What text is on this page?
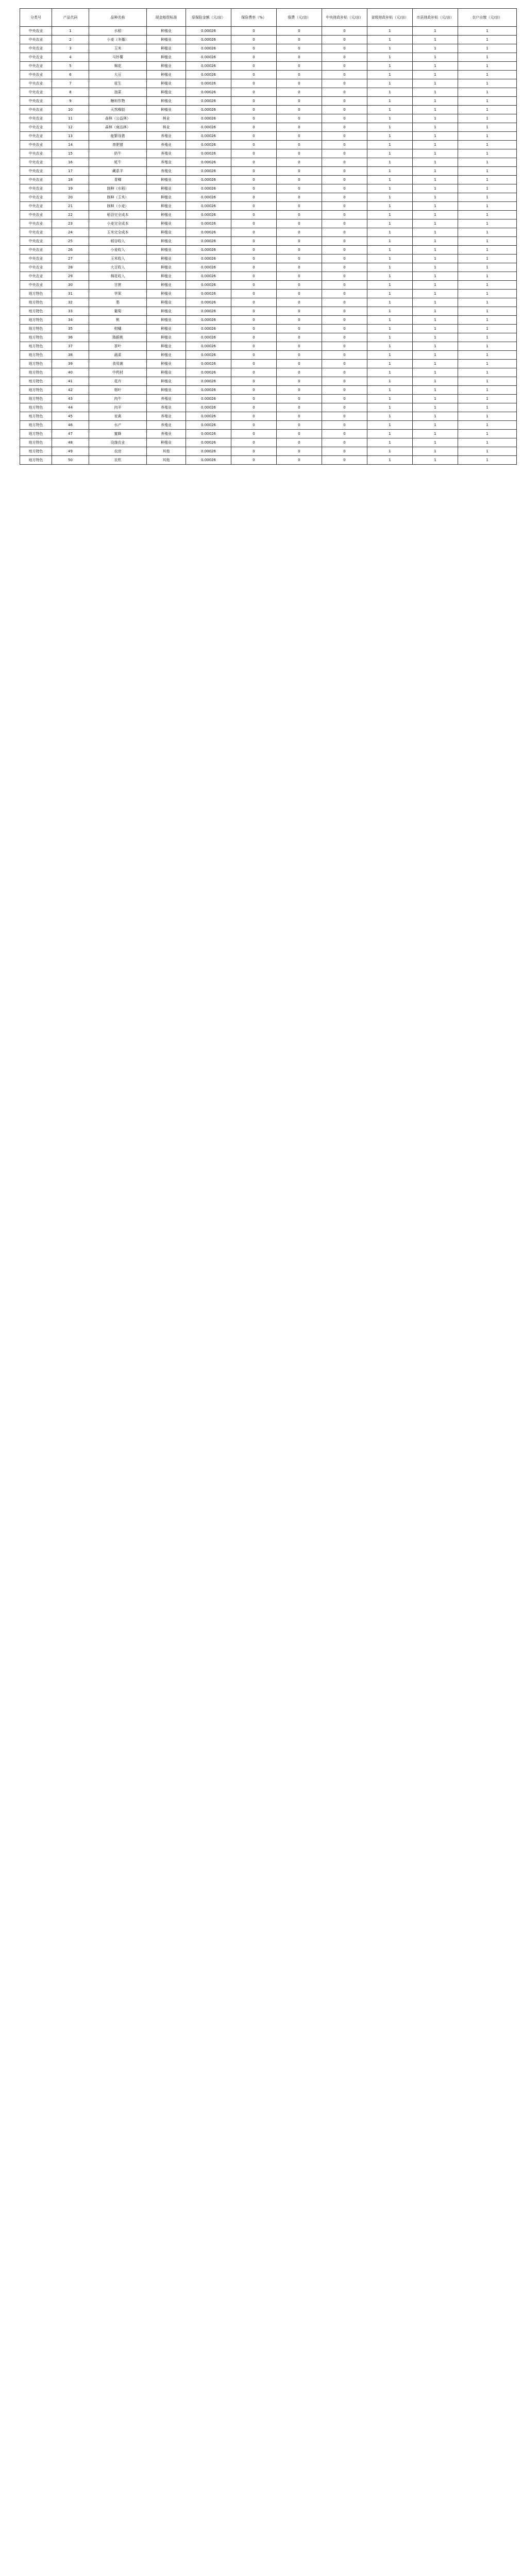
分类号	产品代码	品种名称	现金赔偿标准	原保险金额（元/亩）	保险费率（%）	保费（元/亩）	中央财政补贴（元/亩）	省级财政补贴（元/亩）	市县财政补贴（元/亩）	农户自缴（元/亩）
中央农业	1	水稻	种植业	0.00026	0	0	0	1	1	1
中央农业	2	小麦（冬播）	种植业	0.00026	0	0	0	1	1	1
中央农业	3	玉米	种植业	0.00026	0	0	0	1	1	1
中央农业	4	马铃薯	种植业	0.00026	0	0	0	1	1	1
中央农业	5	棉花	种植业	0.00026	0	0	0	1	1	1
中央农业	6	大豆	种植业	0.00026	0	0	0	1	1	1
中央农业	7	花生	种植业	0.00026	0	0	0	1	1	1
中央农业	8	油菜	种植业	0.00026	0	0	0	1	1	1
中央农业	9	糖料作物	种植业	0.00026	0	0	0	1	1	1
中央农业	10	天然橡胶	种植业	0.00026	0	0	0	1	1	1
中央农业	11	森林（公益林）	林业	0.00026	0	0	0	1	1	1
中央农业	12	森林（商品林）	林业	0.00026	0	0	0	1	1	1
中央农业	13	能繁母猪	养殖业	0.00026	0	0	0	1	1	1
中央农业	14	育肥猪	养殖业	0.00026	0	0	0	1	1	1
中央农业	15	奶牛	养殖业	0.00026	0	0	0	1	1	1
中央农业	16	牦牛	养殖业	0.00026	0	0	0	1	1	1
中央农业	17	藏系羊	养殖业	0.00026	0	0	0	1	1	1
中央农业	18	青稞	种植业	0.00026	0	0	0	1	1	1
中央农业	19	制种（水稻）	种植业	0.00026	0	0	0	1	1	1
中央农业	20	制种（玉米）	种植业	0.00026	0	0	0	1	1	1
中央农业	21	制种（小麦）	种植业	0.00026	0	0	0	1	1	1
中央农业	22	稻谷完全成本	种植业	0.00026	0	0	0	1	1	1
中央农业	23	小麦完全成本	种植业	0.00026	0	0	0	1	1	1
中央农业	24	玉米完全成本	种植业	0.00026	0	0	0	1	1	1
中央农业	25	稻谷收入	种植业	0.00026	0	0	0	1	1	1
中央农业	26	小麦收入	种植业	0.00026	0	0	0	1	1	1
中央农业	27	玉米收入	种植业	0.00026	0	0	0	1	1	1
中央农业	28	大豆收入	种植业	0.00026	0	0	0	1	1	1
中央农业	29	棉花收入	种植业	0.00026	0	0	0	1	1	1
中央农业	30	甘蔗	种植业	0.00026	0	0	0	1	1	1
地方特色	31	苹果	种植业	0.00026	0	0	0	1	1	1
地方特色	32	梨	种植业	0.00026	0	0	0	1	1	1
地方特色	33	葡萄	种植业	0.00026	0	0	0	1	1	1
地方特色	34	桃	种植业	0.00026	0	0	0	1	1	1
地方特色	35	柑橘	种植业	0.00026	0	0	0	1	1	1
地方特色	36	猕猴桃	种植业	0.00026	0	0	0	1	1	1
地方特色	37	茶叶	种植业	0.00026	0	0	0	1	1	1
地方特色	38	蔬菜	种植业	0.00026	0	0	0	1	1	1
地方特色	39	食用菌	种植业	0.00026	0	0	0	1	1	1
地方特色	40	中药材	种植业	0.00026	0	0	0	1	1	1
地方特色	41	花卉	种植业	0.00026	0	0	0	1	1	1
地方特色	42	烟叶	种植业	0.00026	0	0	0	1	1	1
地方特色	43	肉牛	养殖业	0.00026	0	0	0	1	1	1
地方特色	44	肉羊	养殖业	0.00026	0	0	0	1	1	1
地方特色	45	家禽	养殖业	0.00026	0	0	0	1	1	1
地方特色	46	水产	养殖业	0.00026	0	0	0	1	1	1
地方特色	47	蜜蜂	养殖业	0.00026	0	0	0	1	1	1
地方特色	48	设施农业	种植业	0.00026	0	0	0	1	1	1
地方特色	49	农房	其他	0.00026	0	0	0	1	1	1
地方特色	50	农机	其他	0.00026	0	0	0	1	1	1
